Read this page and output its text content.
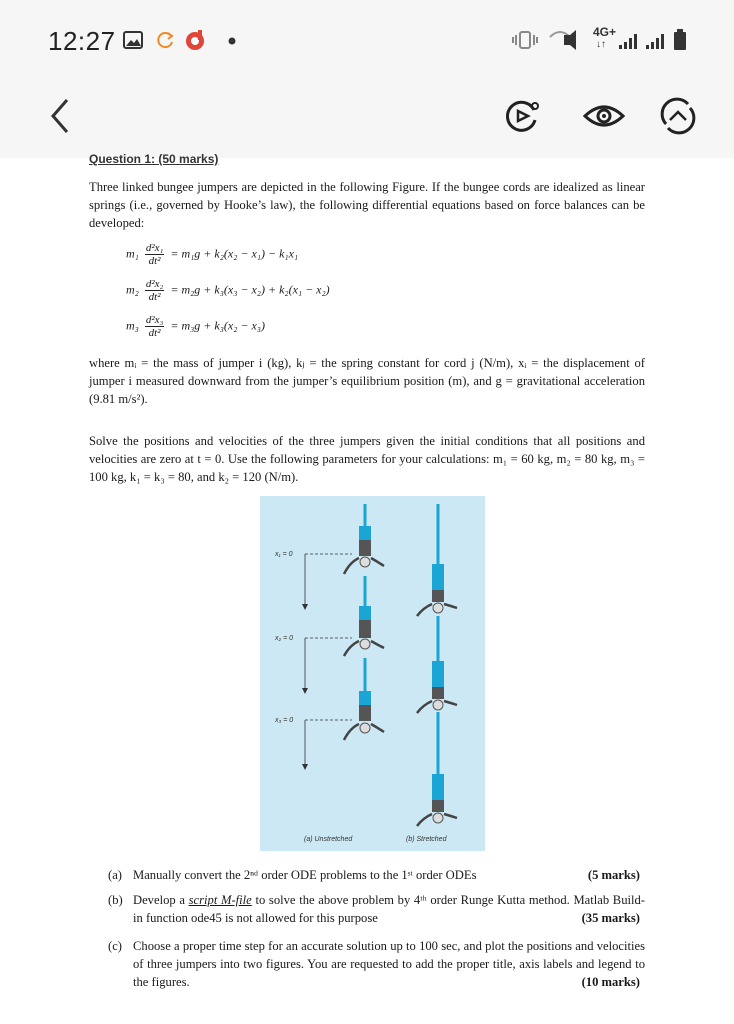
12:27	4G+
↓↑
Question 1: (50 marks)
Three linked bungee jumpers are depicted in the following Figure. If the bungee cords are idealized as linear springs (i.e., governed by Hooke’s law), the following differential equations based on force balances can be developed:
$m_1 \frac{\text{d²x₁}}{\text{dt²}} = m_1g + k_2(x_2 - x_1) - k_1x_1$
$m_2 \frac{\text{d²x₂}}{\text{dt²}} = m_2g + k_3(x_3 - x_2) + k_2(x_1 - x_2)$
$m_3 \frac{\text{d²x₃}}{\text{dt²}} = m_3g + k_3(x_2 - x_3)$
where mᵢ = the mass of jumper i (kg), kⱼ = the spring constant for cord j (N/m), xᵢ = the displacement of jumper i measured downward from the jumper’s equilibrium position (m), and g = gravitational acceleration (9.81 m/s²).
Solve the positions and velocities of the three jumpers given the initial conditions that all positions and velocities are zero at t = 0. Use the following parameters for your calculations: m₁ = 60 kg, m₂ = 80 kg, m₃ = 100 kg, k₁ = k₃ = 80, and k₂ = 120 (N/m).
x₁ = 0
x₂ = 0
x₃ = 0
(a) Unstretched	(b) Stretched
(a) Manually convert the 2ⁿᵈ order ODE problems to the 1ˢᵗ order ODEs	(5 marks)
(b) Develop a script M-file to solve the above problem by 4ᵗʰ order Runge Kutta method. Matlab Build-in function ode45 is not allowed for this purpose	(35 marks)
(c) Choose a proper time step for an accurate solution up to 100 sec, and plot the positions and velocities of three jumpers into two figures. You are requested to add the proper title, axis labels and legend to the figures.	(10 marks)
